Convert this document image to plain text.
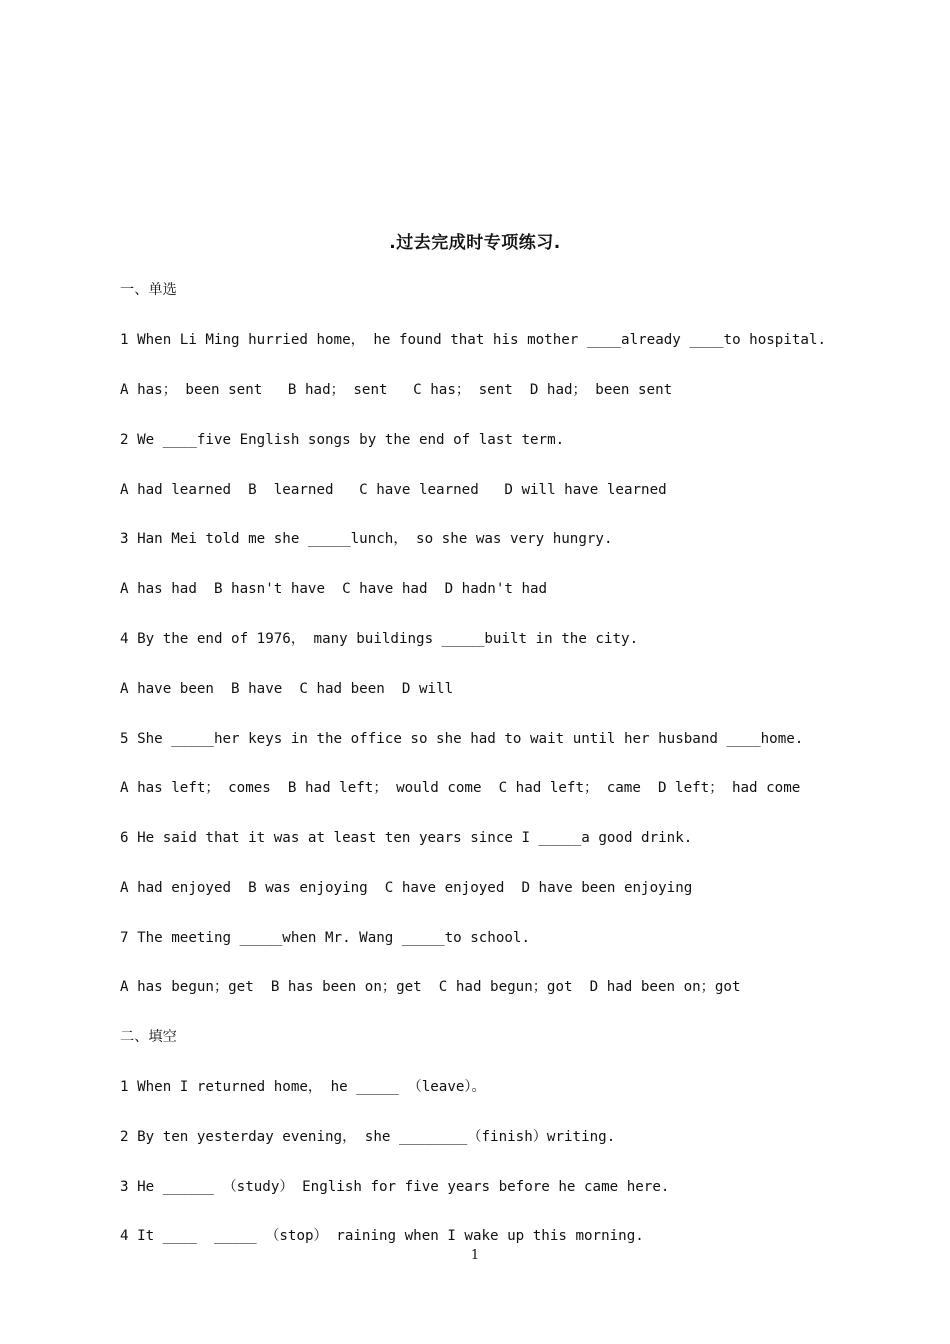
.过去完成时专项练习.
一、单选
1 When Li Ming hurried home， he found that his mother ____already ____to hospital.
A has； been sent   B had； sent   C has； sent  D had； been sent
2 We ____five English songs by the end of last term.
A had learned  B  learned   C have learned   D will have learned
3 Han Mei told me she _____lunch， so she was very hungry.
A has had  B hasn't have  C have had  D hadn't had
4 By the end of 1976， many buildings _____built in the city.
A have been  B have  C had been  D will
5 She _____her keys in the office so she had to wait until her husband ____home.
A has left； comes  B had left； would come  C had left； came  D left； had come
6 He said that it was at least ten years since I _____a good drink.
A had enjoyed  B was enjoying  C have enjoyed  D have been enjoying
7 The meeting _____when Mr. Wang _____to school.
A has begun；get  B has been on；get  C had begun；got  D had been on；got
二、填空
1 When I returned home， he _____ （leave）。
2 By ten yesterday evening， she ________（finish）writing.
3 He ______ （study） English for five years before he came here.
4 It ____  _____ （stop） raining when I wake up this morning.
1
